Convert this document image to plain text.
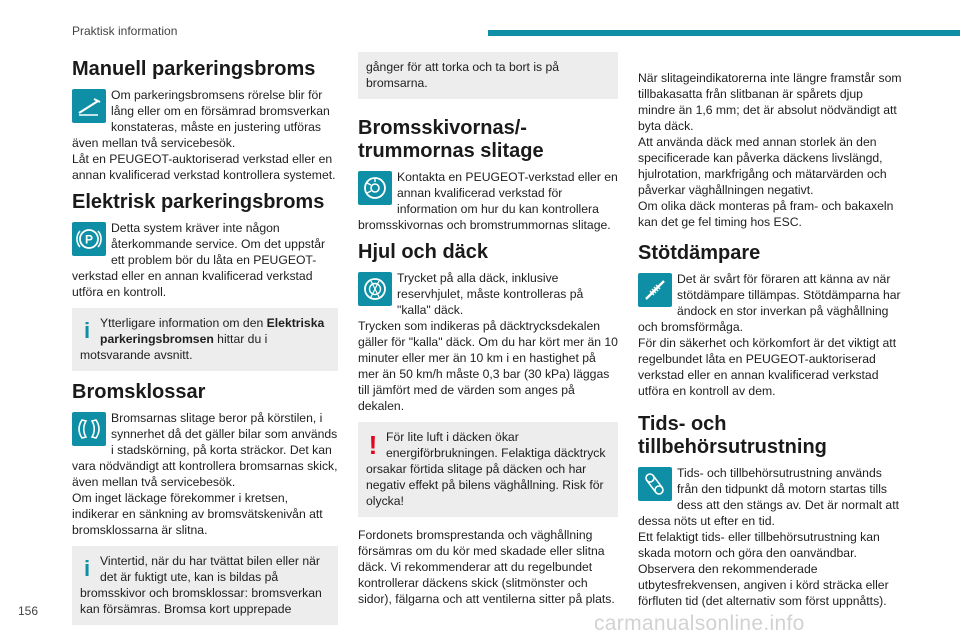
Praktisk information
Manuell parkeringsbroms

Om parkeringsbromsens rörelse blir för lång eller om en försämrad bromsverkan konstateras, måste en justering utföras även mellan två servicebesök.

Låt en PEUGEOT-auktoriserad verkstad eller en annan kvalificerad verkstad kontrollera systemet.

Elektrisk parkeringsbroms
P

Detta system kräver inte någon återkommande service. Om det uppstår ett problem bör du låta en PEUGEOT-verkstad eller en annan kvalificerad verkstad utföra en kontroll.

i Ytterligare information om den Elektriska parkeringsbromsen hittar du i motsvarande avsnitt.

Bromsklossar

Bromsarnas slitage beror på körstilen, i synnerhet då det gäller bilar som används i stadskörning, på korta sträckor. Det kan vara nödvändigt att kontrollera bromsarnas skick, även mellan två servicebesök.

Om inget läckage förekommer i kretsen, indikerar en sänkning av bromsvätskenivån att bromsklossarna är slitna.

i Vintertid, när du har tvättat bilen eller när det är fuktigt ute, kan is bildas på bromsskivor och bromsklossar: bromsverkan kan försämras. Bromsa kort upprepade

gånger för att torka och ta bort is på bromsarna.

Bromsskivornas/-trummornas slitage

Kontakta en PEUGEOT-verkstad eller en annan kvalificerad verkstad för information om hur du kan kontrollera bromsskivornas och bromstrummornas slitage.

Hjul och däck

Trycket på alla däck, inklusive reservhjulet, måste kontrolleras på "kalla" däck.

Trycken som indikeras på däcktrycksdekalen gäller för "kalla" däck. Om du har kört mer än 10 minuter eller mer än 10 km i en hastighet på mer än 50 km/h måste 0,3 bar (30 kPa) läggas till jämfört med de värden som anges på dekalen.

! För lite luft i däcken ökar energiförbrukningen. Felaktiga däcktryck orsakar förtida slitage på däcken och har negativ effekt på bilens väghållning. Risk för olycka!

Fordonets bromsprestanda och väghållning försämras om du kör med skadade eller slitna däck. Vi rekommenderar att du regelbundet kontrollerar däckens skick (slitmönster och sidor), fälgarna och att ventilerna sitter på plats.

När slitageindikatorerna inte längre framstår som tillbakasatta från slitbanan är spårets djup mindre än 1,6 mm; det är absolut nödvändigt att byta däck.

Att använda däck med annan storlek än den specificerade kan påverka däckens livslängd, hjulrotation, markfrigång och mätarvärden och påverkar väghållningen negativt.

Om olika däck monteras på fram- och bakaxeln kan det ge fel timing hos ESC.

Stötdämpare

Det är svårt för föraren att känna av när stötdämpare tillämpas. Stötdämparna har ändock en stor inverkan på väghållning och bromsförmåga.

För din säkerhet och körkomfort är det viktigt att regelbundet låta en PEUGEOT-auktoriserad verkstad eller en annan kvalificerad verkstad utföra en kontroll av dem.

Tids- och tillbehörsutrustning

Tids- och tillbehörsutrustning används från den tidpunkt då motorn startas tills dess att den stängs av. Det är normalt att dessa nöts ut efter en tid.

Ett felaktigt tids- eller tillbehörsutrustning kan skada motorn och göra den oanvändbar.

Observera den rekommenderade utbytesfrekvensen, angiven i körd sträcka eller förfluten tid (det alternativ som först uppnåtts).

156
carmanualsonline.info
